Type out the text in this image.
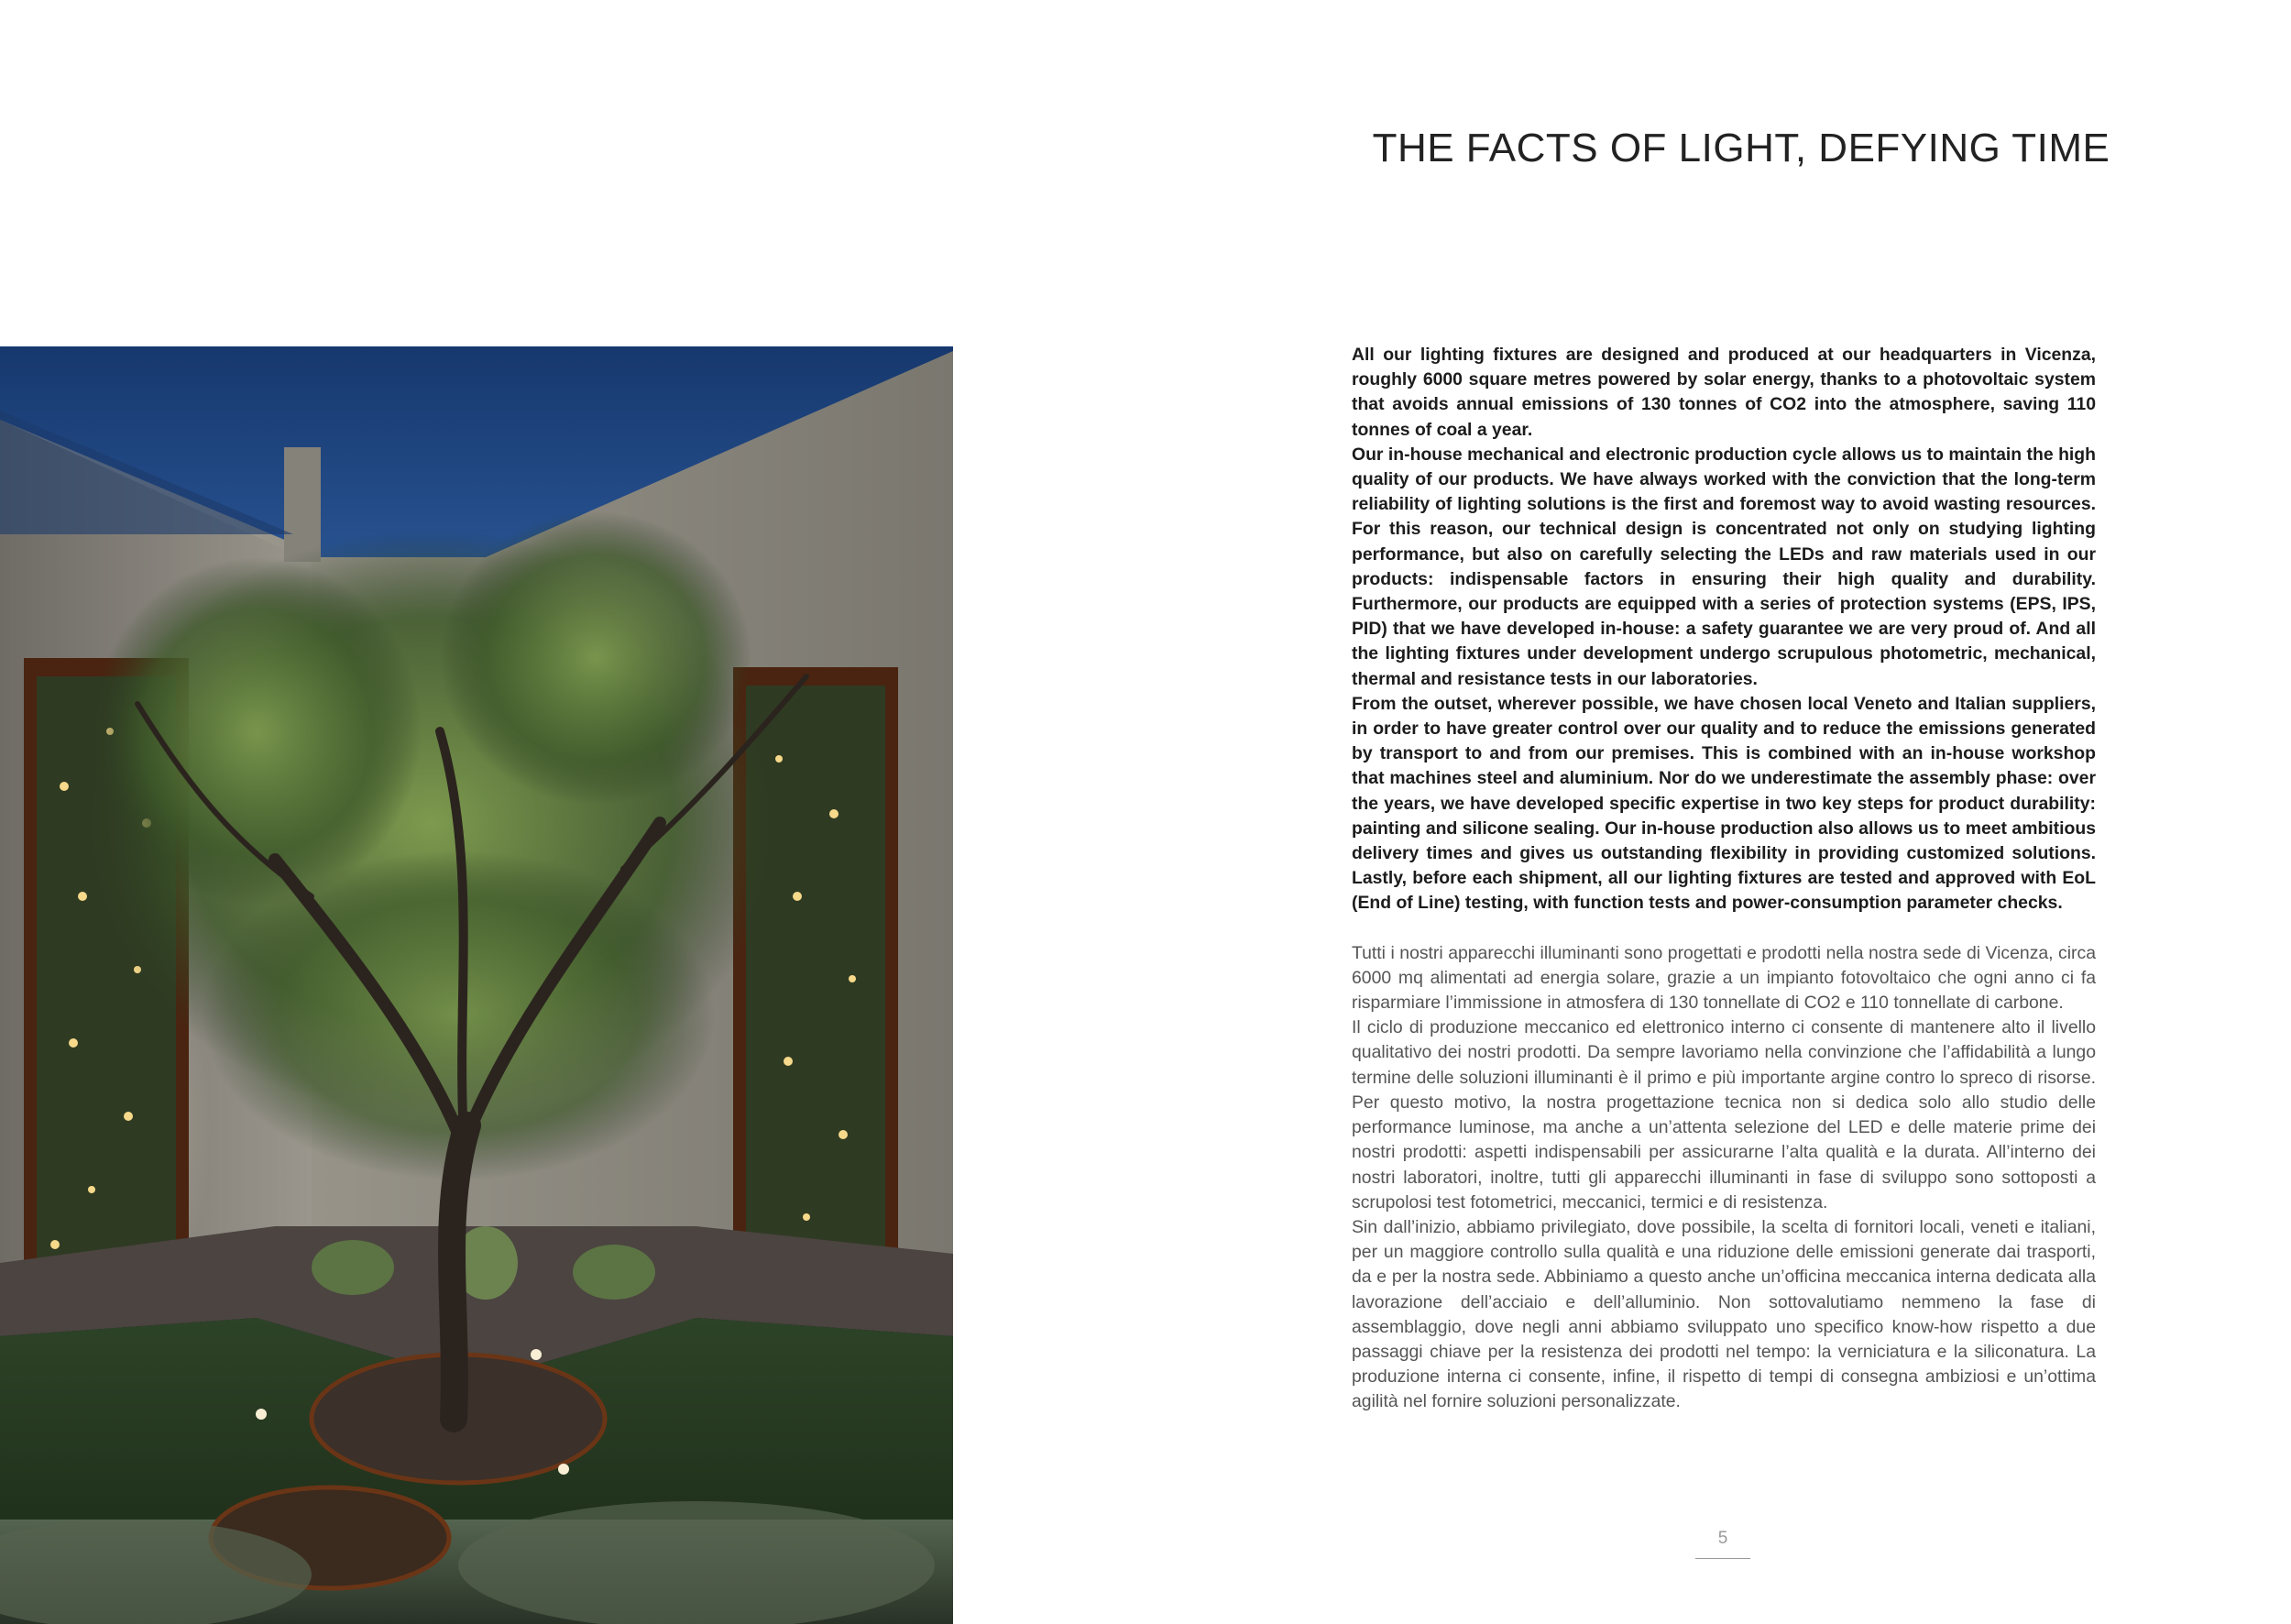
THE FACTS OF LIGHT, DEFYING TIME

All our lighting fixtures are designed and produced at our headquarters in Vicenza, roughly 6000 square metres powered by solar energy, thanks to a photovoltaic system that avoids annual emissions of 130 tonnes of CO2 into the atmosphere, saving 110 tonnes of coal a year.

Our in-house mechanical and electronic production cycle allows us to maintain the high quality of our products. We have always worked with the conviction that the long-term reliability of lighting solutions is the first and foremost way to avoid wasting resources. For this reason, our technical design is concentrated not only on studying lighting performance, but also on carefully selecting the LEDs and raw materials used in our products: indispensable factors in ensuring their high quality and durability. Furthermore, our products are equipped with a series of protection systems (EPS, IPS, PID) that we have developed in-house: a safety guarantee we are very proud of. And all the lighting fixtures under development undergo scrupulous photometric, mechanical, thermal and resistance tests in our laboratories.

From the outset, wherever possible, we have chosen local Veneto and Italian suppliers, in order to have greater control over our quality and to reduce the emissions generated by transport to and from our premises. This is combined with an in-house workshop that machines steel and aluminium. Nor do we underestimate the assembly phase: over the years, we have developed specific expertise in two key steps for product durability: painting and silicone sealing. Our in-house production also allows us to meet ambitious delivery times and gives us outstanding flexibility in providing customized solutions. Lastly, before each shipment, all our lighting fixtures are tested and approved with EoL (End of Line) testing, with function tests and power-consumption parameter checks.

Tutti i nostri apparecchi illuminanti sono progettati e prodotti nella nostra sede di Vicenza, circa 6000 mq alimentati ad energia solare, grazie a un impianto fotovoltaico che ogni anno ci fa risparmiare l’immissione in atmosfera di 130 tonnellate di CO2 e 110 tonnellate di carbone.

Il ciclo di produzione meccanico ed elettronico interno ci consente di mantenere alto il livello qualitativo dei nostri prodotti. Da sempre lavoriamo nella convinzione che l’affidabilità a lungo termine delle soluzioni illuminanti è il primo e più importante argine contro lo spreco di risorse. Per questo motivo, la nostra progettazione tecnica non si dedica solo allo studio delle performance luminose, ma anche a un’attenta selezione del LED e delle materie prime dei nostri prodotti: aspetti indispensabili per assicurarne l’alta qualità e la durata. All’interno dei nostri laboratori, inoltre, tutti gli apparecchi illuminanti in fase di sviluppo sono sottoposti a scrupolosi test fotometrici, meccanici, termici e di resistenza.

Sin dall’inizio, abbiamo privilegiato, dove possibile, la scelta di fornitori locali, veneti e italiani, per un maggiore controllo sulla qualità e una riduzione delle emissioni generate dai trasporti, da e per la nostra sede. Abbiniamo a questo anche un’officina meccanica interna dedicata alla lavorazione dell’acciaio e dell’alluminio. Non sottovalutiamo nemmeno la fase di assemblaggio, dove negli anni abbiamo sviluppato uno specifico know-how rispetto a due passaggi chiave per la resistenza dei prodotti nel tempo: la verniciatura e la siliconatura. La produzione interna ci consente, infine, il rispetto di tempi di consegna ambiziosi e un’ottima agilità nel fornire soluzioni personalizzate.

5
